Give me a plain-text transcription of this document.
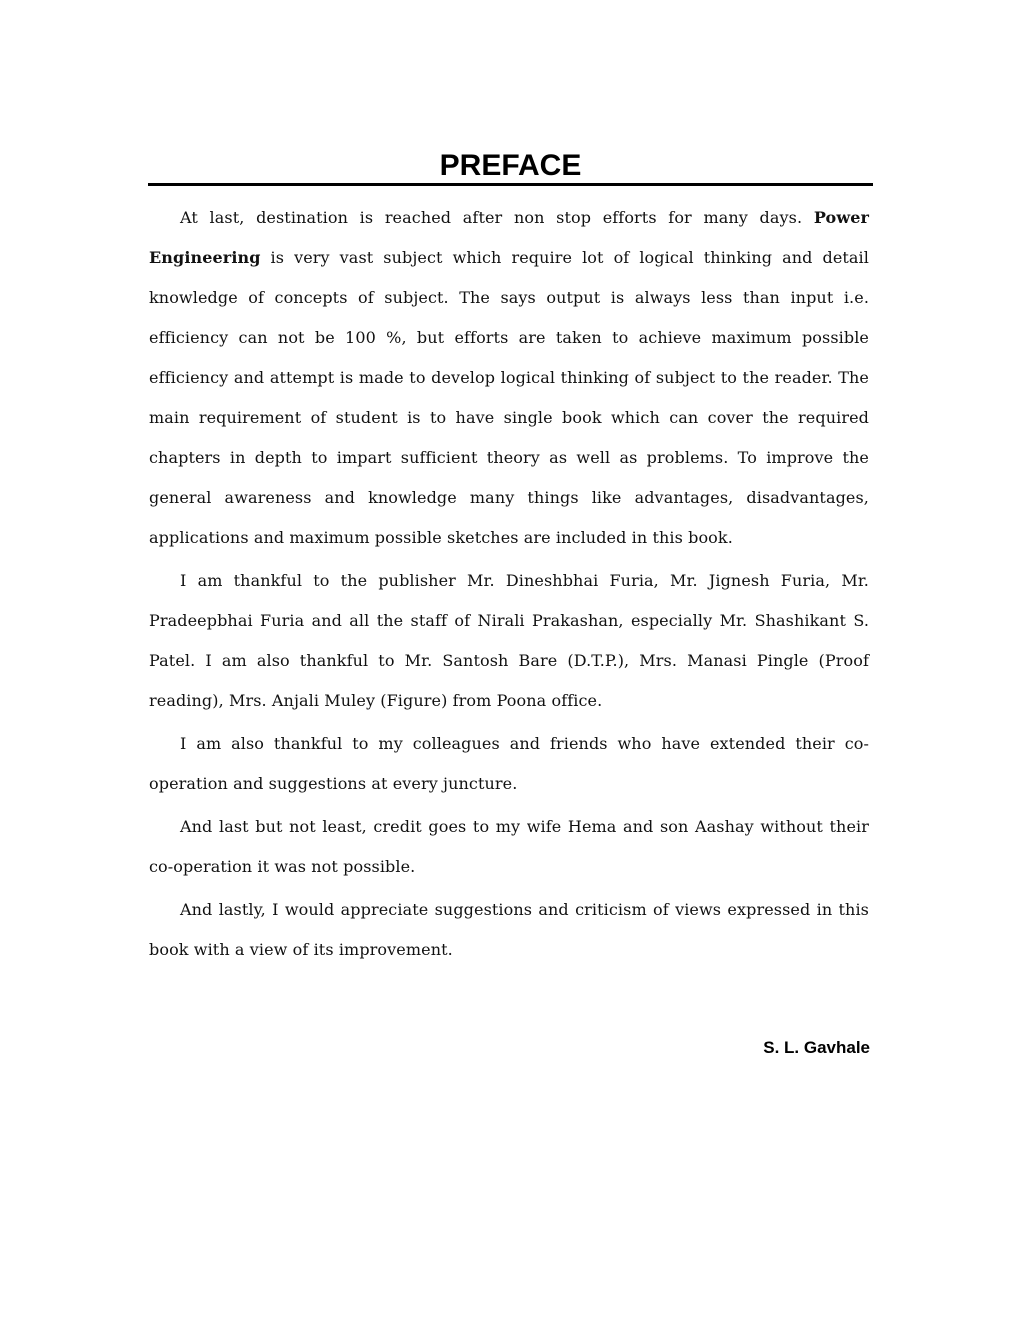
PREFACE

At last, destination is reached after non stop efforts for many days. Power Engineering is very vast subject which require lot of logical thinking and detail knowledge of concepts of subject. The says output is always less than input i.e. efficiency can not be 100 %, but efforts are taken to achieve maximum possible efficiency and attempt is made to develop logical thinking of subject to the reader. The main requirement of student is to have single book which can cover the required chapters in depth to impart sufficient theory as well as problems. To improve the general awareness and knowledge many things like advantages, disadvantages, applications and maximum possible sketches are included in this book.

I am thankful to the publisher Mr. Dineshbhai Furia, Mr. Jignesh Furia, Mr. Pradeepbhai Furia and all the staff of Nirali Prakashan, especially Mr. Shashikant S. Patel. I am also thankful to Mr. Santosh Bare (D.T.P.), Mrs. Manasi Pingle (Proof reading), Mrs. Anjali Muley (Figure) from Poona office.

I am also thankful to my colleagues and friends who have extended their co-operation and suggestions at every juncture.

And last but not least, credit goes to my wife Hema and son Aashay without their co-operation it was not possible.

And lastly, I would appreciate suggestions and criticism of views expressed in this book with a view of its improvement.

S. L. Gavhale
